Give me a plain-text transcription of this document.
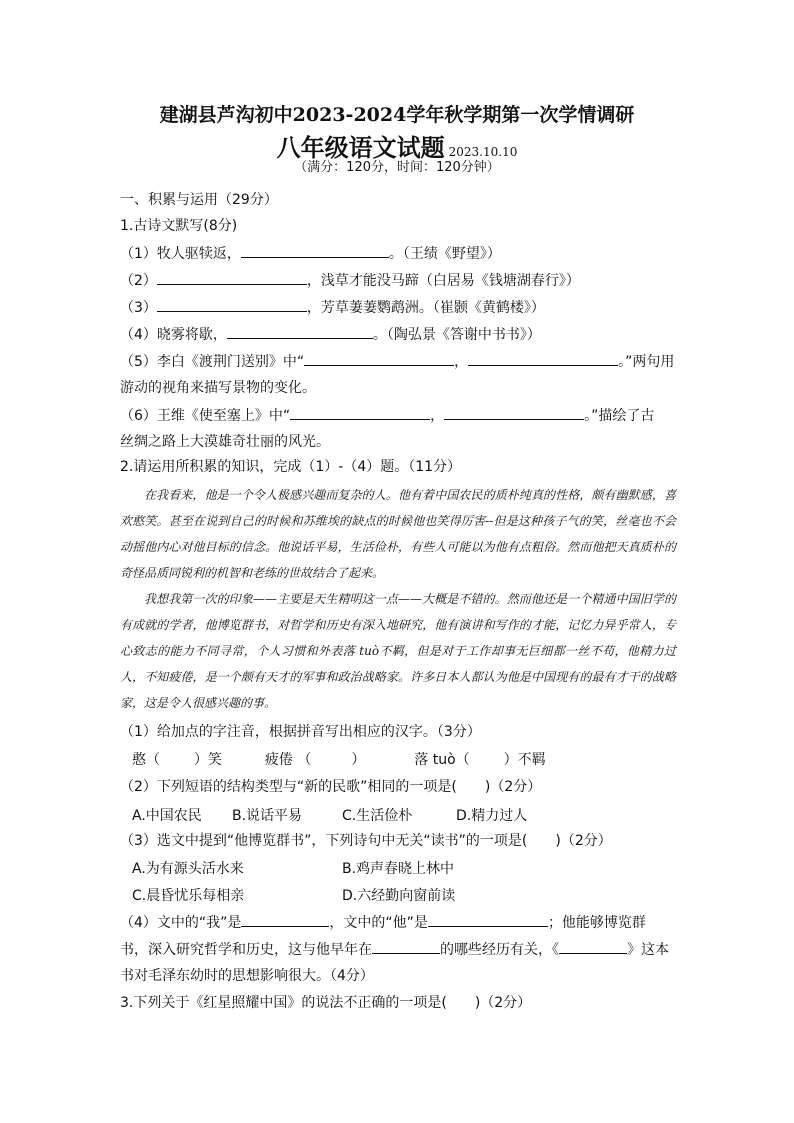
建湖县芦沟初中2023-2024学年秋学期第一次学情调研
八年级语文试题 2023.10.10
（满分：120分，时间：120分钟）
一、积累与运用（29分）
1.古诗文默写(8分)
（1）牧人驱犊返，	。（王绩《野望》）
（2）	，浅草才能没马蹄（白居易《钱塘湖春行》）
（3）	，芳草萋萋鹦鹉洲。（崔颢《黄鹤楼》）
（4）晓雾将歇，	。（陶弘景《答谢中书书》）
（5）李白《渡荆门送别》中“	，	。”两句用
游动的视角来描写景物的变化。
（6）王维《使至塞上》中“	，	。”描绘了古
丝绸之路上大漠雄奇壮丽的风光。
2.请运用所积累的知识，完成（1）-（4）题。（11分）

在我看来，他是一个令人极感兴趣而复杂的人。他有着中国农民的质朴纯真的性格，颇有幽默感，喜欢憨笑。甚至在说到自己的时候和苏维埃的缺点的时候他也笑得厉害--但是这种孩子气的笑，丝毫也不会动摇他内心对他目标的信念。他说话平易，生活俭朴，有些人可能以为他有点粗俗。然而他把天真质朴的奇怪品质同锐利的机智和老练的世故结合了起来。

我想我第一次的印象——主要是天生精明这一点——大概是不错的。然而他还是一个精通中国旧学的有成就的学者，他博览群书，对哲学和历史有深入地研究，他有演讲和写作的才能，记忆力异乎常人，专心致志的能力不同寻常，个人习惯和外表落 tuò不羁，但是对于工作却事无巨细都一丝不苟，他精力过人，不知疲倦，是一个颇有天才的军事和政治战略家。许多日本人都认为他是中国现有的最有才干的战略家，这是令人很感兴趣的事。

（1）给加点的字注音，根据拼音写出相应的汉字。（3分）
憨（ ）笑	疲倦 （	）	落 tuò（ ）不羁
（2）下列短语的结构类型与“新的民歌”相同的一项是(　　)（2分）
A.中国农民 B.说话平易	C.生活俭朴	D.精力过人
（3）选文中提到“他博览群书”，下列诗句中无关“读书”的一项是(　　)（2分）
A.为有源头活水来	B.鸡声春晓上林中
C.晨昏忧乐每相亲	D.六经勤向窗前读
（4）文中的“我”是	，文中的“他”是	；他能够博览群
书，深入研究哲学和历史，这与他早年在	的哪些经历有关，《	》这本
书对毛泽东幼时的思想影响很大。（4分）
3.下列关于《红星照耀中国》的说法不正确的一项是(　　)（2分）
